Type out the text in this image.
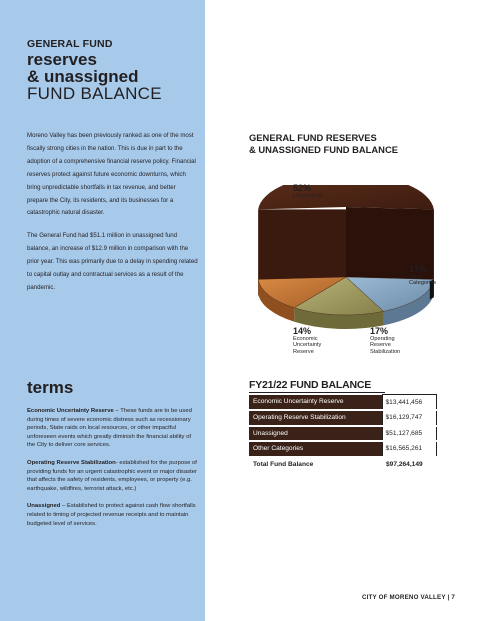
GENERAL FUND
reserves
& unassigned
FUND BALANCE

Moreno Valley has been previously ranked as one of the most fiscally strong cities in the nation. This is due in part to the adoption of a comprehensive financial reserve policy. Financial reserves protect against future economic downturns, which bring unpredictable shortfalls in tax revenue, and better prepare the City, its residents, and its businesses for a catastrophic natural disaster.

The General Fund had $51.1 million in unassigned fund balance, an increase of $12.9 million in comparison with the prior year. This was primarily due to a delay in spending related to capital outlay and contractual services as a result of the pandemic.

terms

Economic Uncertainty Reserve – These funds are to be used during times of severe economic distress such as recessionary periods, State raids on local resources, or other impactful unforeseen events which greatly diminish the financial ability of the City to deliver core services.

Operating Reserve Stabilization- established for the purpose of providing funds for an urgent catastrophic event or major disaster that affects the safety of residents, employees, or property (e.g. earthquake, wildfires, terrorist attack, etc.)

Unassigned – Established to protect against cash flow shortfalls related to timing of projected revenue receipts and to maintain budgeted level of services.

GENERAL FUND RESERVES
& UNASSIGNED FUND BALANCE
52%
Unassigned
17%
Other
Categories
17%
Operating
Reserve
Stabilization
14%
Economic
Uncertainty
Reserve
FY21/22 FUND BALANCE
Economic Uncertainty Reserve	$13,441,456
Operating Reserve Stabilization	$16,129,747
Unassigned	$51,127,685
Other Categories	$16,565,261
Total Fund Balance	$97,264,149
CITY OF MORENO VALLEY | 7
